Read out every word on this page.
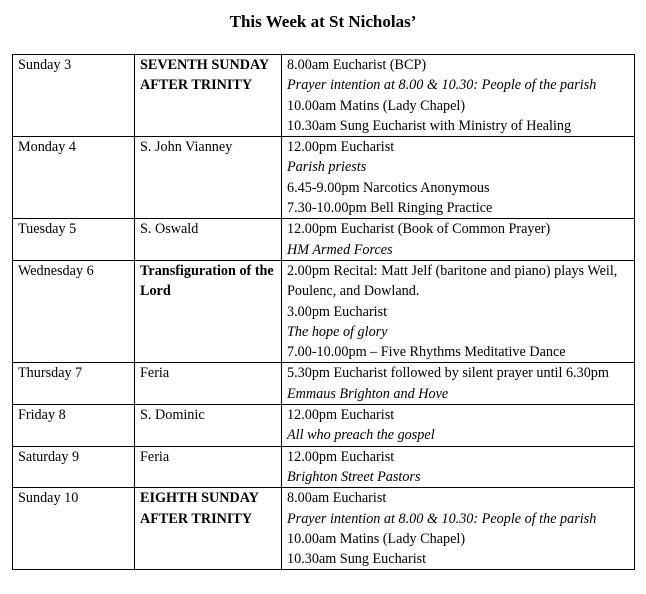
This Week at St Nicholas’
Sunday 3	SEVENTH SUNDAY AFTER TRINITY	8.00am Eucharist (BCP)
Prayer intention at 8.00 & 10.30: People of the parish
10.00am Matins (Lady Chapel)
10.30am Sung Eucharist with Ministry of Healing

Monday 4	S. John Vianney	12.00pm Eucharist
Parish priests
6.45-9.00pm Narcotics Anonymous
7.30-10.00pm Bell Ringing Practice

Tuesday 5	S. Oswald	12.00pm Eucharist (Book of Common Prayer)
HM Armed Forces

Wednesday 6	Transfiguration of the Lord	2.00pm Recital: Matt Jelf (baritone and piano) plays Weil, Poulenc, and Dowland.
3.00pm Eucharist
The hope of glory
7.00-10.00pm – Five Rhythms Meditative Dance

Thursday 7	Feria	5.30pm Eucharist followed by silent prayer until 6.30pm
Emmaus Brighton and Hove

Friday 8	S. Dominic	12.00pm Eucharist
All who preach the gospel

Saturday 9	Feria	12.00pm Eucharist
Brighton Street Pastors

Sunday 10	EIGHTH SUNDAY AFTER TRINITY	8.00am Eucharist
Prayer intention at 8.00 & 10.30: People of the parish
10.00am Matins (Lady Chapel)
10.30am Sung Eucharist
